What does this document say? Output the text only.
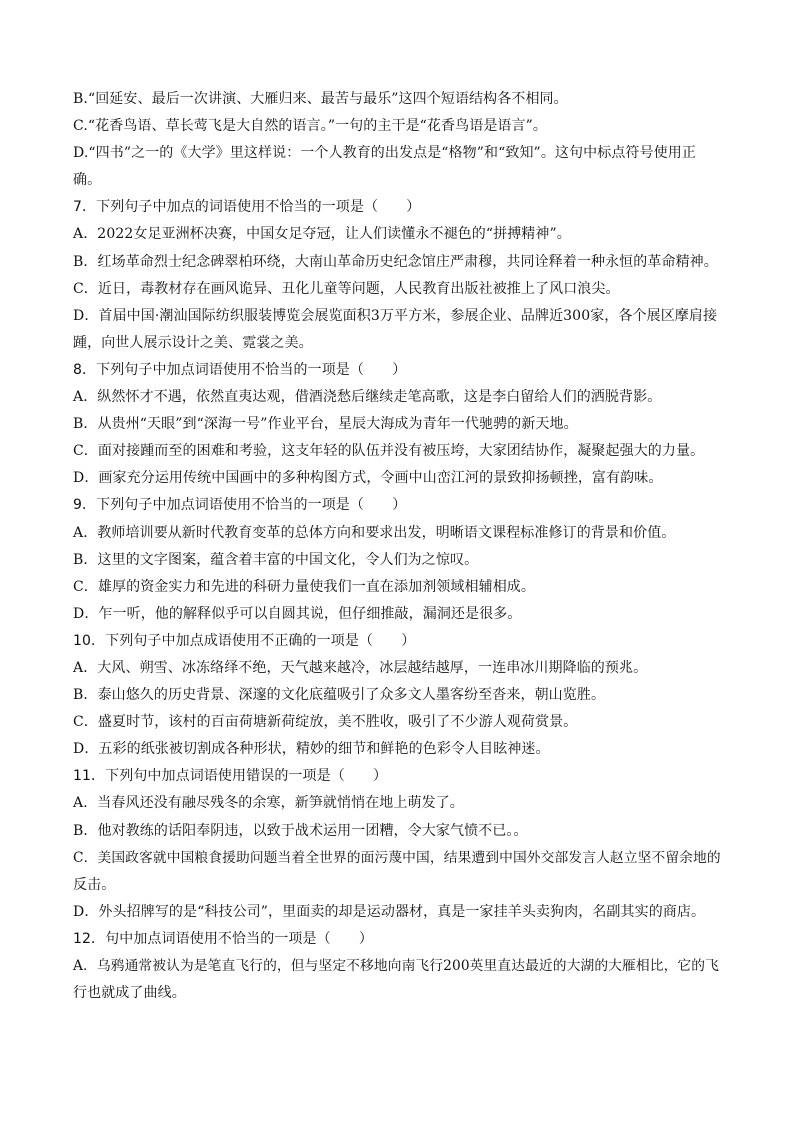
B.“回延安、最后一次讲演、大雁归来、最苦与最乐”这四个短语结构各不相同。
C.“花香鸟语、草长莺飞是大自然的语言。”一句的主干是“花香鸟语是语言”。
D.“四书”之一的《大学》里这样说：一个人教育的出发点是“格物”和“致知”。这句中标点符号使用正
确。
7．下列句子中加点的词语使用不恰当的一项是（　　）
A．2022女足亚洲杯决赛，中国女足夺冠，让人们读懂永不褪色的“拼搏精神”。
B．红场革命烈士纪念碑翠柏环绕，大南山革命历史纪念馆庄严肃穆，共同诠释着一种永恒的革命精神。
C．近日，毒教材存在画风诡异、丑化儿童等问题，人民教育出版社被推上了风口浪尖。
D．首届中国·潮汕国际纺织服装博览会展览面积3万平方米，参展企业、品牌近300家，各个展区摩肩接
踵，向世人展示设计之美、霓裳之美。
8．下列句子中加点词语使用不恰当的一项是（　　）
A．纵然怀才不遇，依然直夷达观，借酒浇愁后继续走笔高歌，这是李白留给人们的洒脱背影。
B．从贵州“天眼”到“深海一号”作业平台，星辰大海成为青年一代驰骋的新天地。
C．面对接踵而至的困难和考验，这支年轻的队伍并没有被压垮，大家团结协作，凝聚起强大的力量。
D．画家充分运用传统中国画中的多种构图方式，令画中山峦江河的景致抑扬顿挫，富有韵味。
9．下列句子中加点词语使用不恰当的一项是（　　）
A．教师培训要从新时代教育变革的总体方向和要求出发，明晰语文课程标准修订的背景和价值。
B．这里的文字图案，蕴含着丰富的中国文化，令人们为之惊叹。
C．雄厚的资金实力和先进的科研力量使我们一直在添加剂领域相辅相成。
D．乍一听，他的解释似乎可以自圆其说，但仔细推敲，漏洞还是很多。
10．下列句子中加点成语使用不正确的一项是（　　）
A．大风、朔雪、冰冻络绎不绝，天气越来越冷，冰层越结越厚，一连串冰川期降临的预兆。
B．泰山悠久的历史背景、深邃的文化底蕴吸引了众多文人墨客纷至沓来，朝山览胜。
C．盛夏时节，该村的百亩荷塘新荷绽放，美不胜收，吸引了不少游人观荷赏景。
D．五彩的纸张被切割成各种形状，精妙的细节和鲜艳的色彩令人目眩神迷。
11．下列句中加点词语使用错误的一项是（　　）
A．当春风还没有融尽残冬的余寒，新笋就悄悄在地上萌发了。
B．他对教练的话阳奉阴违，以致于战术运用一团糟，令大家气愤不已。。
C．美国政客就中国粮食援助问题当着全世界的面污蔑中国，结果遭到中国外交部发言人赵立坚不留余地的
反击。
D．外头招牌写的是“科技公司”，里面卖的却是运动器材，真是一家挂羊头卖狗肉，名副其实的商店。
12．句中加点词语使用不恰当的一项是（　　）
A．乌鸦通常被认为是笔直飞行的，但与坚定不移地向南飞行200英里直达最近的大湖的大雁相比，它的飞
行也就成了曲线。
